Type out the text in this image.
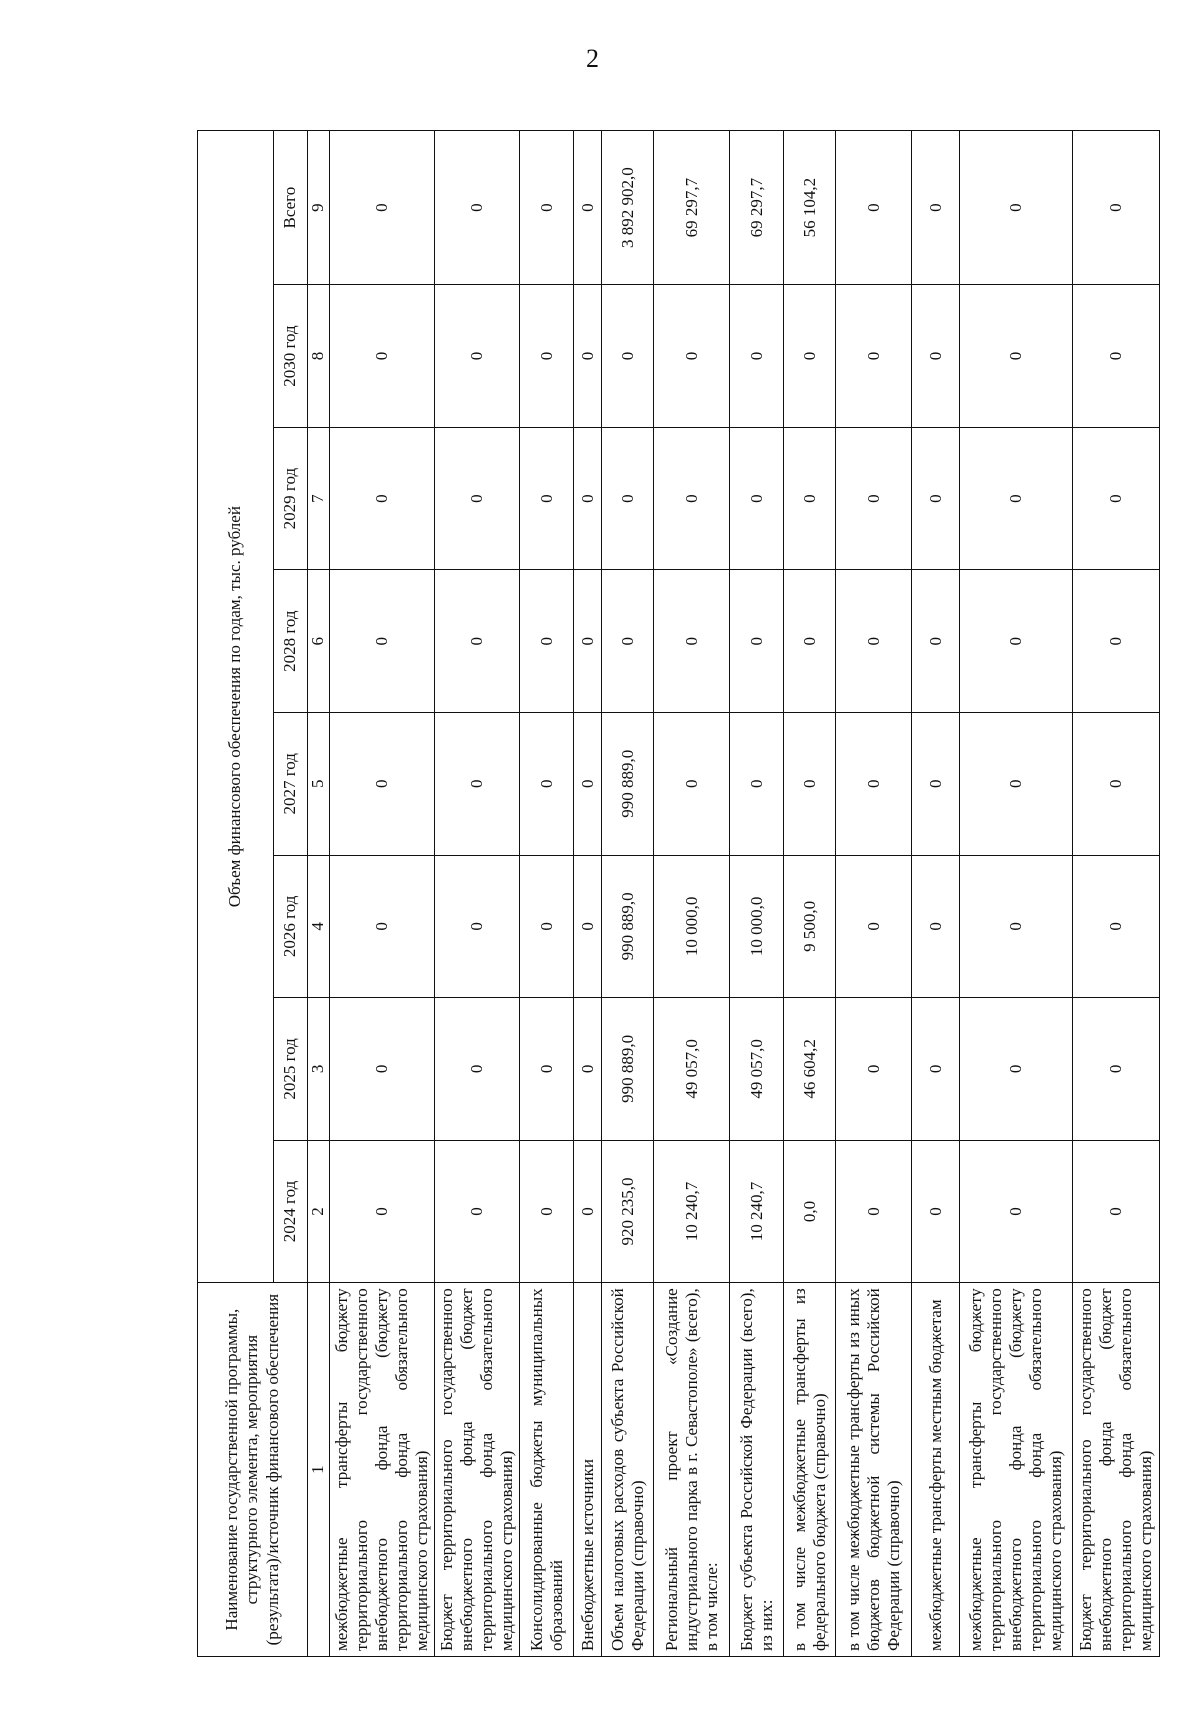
2
Наименование государственной программы, структурного элемента, мероприятия (результата)/источник финансового обеспечения	Объем финансового обеспечения по годам, тыс. рублей							
	2024 год	2025 год	2026 год	2027 год	2028 год	2029 год	2030 год	Всего
1	2	3	4	5	6	7	8	9
межбюджетные трансферты бюджету территориального государственного внебюджетного фонда (бюджету территориального фонда обязательного медицинского страхования)	0	0	0	0	0	0	0	0
Бюджет территориального государственного внебюджетного фонда (бюджет территориального фонда обязательного медицинского страхования)	0	0	0	0	0	0	0	0
Консолидированные бюджеты муниципальных образований	0	0	0	0	0	0	0	0
Внебюджетные источники	0	0	0	0	0	0	0	0
Объем налоговых расходов субъекта Российской Федерации (справочно)	920 235,0	990 889,0	990 889,0	990 889,0	0	0	0	3 892 902,0
Региональный проект «Создание индустриального парка в г. Севастополе» (всего), в том числе:	10 240,7	49 057,0	10 000,0	0	0	0	0	69 297,7
Бюджет субъекта Российской Федерации (всего), из них:	10 240,7	49 057,0	10 000,0	0	0	0	0	69 297,7
в том числе межбюджетные трансферты из федерального бюджета (справочно)	0,0	46 604,2	9 500,0	0	0	0	0	56 104,2
в том числе межбюджетные трансферты из иных бюджетов бюджетной системы Российской Федерации (справочно)	0	0	0	0	0	0	0	0
межбюджетные трансферты местным бюджетам	0	0	0	0	0	0	0	0
межбюджетные трансферты бюджету территориального государственного внебюджетного фонда (бюджету территориального фонда обязательного медицинского страхования)	0	0	0	0	0	0	0	0
Бюджет территориального государственного внебюджетного фонда (бюджет территориального фонда обязательного медицинского страхования)	0	0	0	0	0	0	0	0
